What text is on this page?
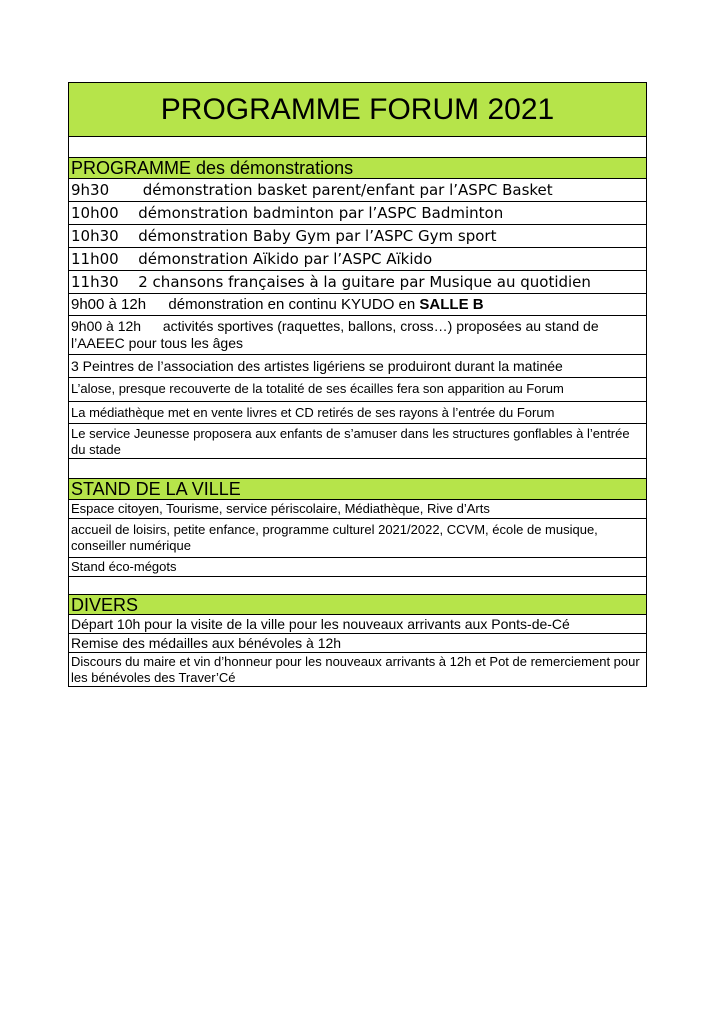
PROGRAMME FORUM 2021
PROGRAMME des démonstrations
9h30 démonstration basket parent/enfant par l’ASPC Basket
10h00 démonstration badminton par l’ASPC Badminton
10h30 démonstration Baby Gym par l’ASPC Gym sport
11h00 démonstration Aïkido par l’ASPC Aïkido
11h30 2 chansons françaises à la guitare par Musique au quotidien
9h00 à 12h démonstration en continu KYUDO en SALLE B
9h00 à 12h activités sportives (raquettes, ballons, cross…) proposées au stand de l’AAEEC pour tous les âges
3 Peintres de l’association des artistes ligériens se produiront durant la matinée
L’alose, presque recouverte de la totalité de ses écailles fera son apparition au Forum
La médiathèque met en vente livres et CD retirés de ses rayons à l’entrée du Forum
Le service Jeunesse proposera aux enfants de s’amuser dans les structures gonflables à l’entrée du stade
STAND DE LA VILLE
Espace citoyen, Tourisme, service périscolaire, Médiathèque, Rive d’Arts
accueil de loisirs, petite enfance, programme culturel 2021/2022, CCVM, école de musique, conseiller numérique
Stand éco-mégots
DIVERS
Départ 10h pour la visite de la ville pour les nouveaux arrivants aux Ponts-de-Cé
Remise des médailles aux bénévoles à 12h
Discours du maire et vin d’honneur pour les nouveaux arrivants à 12h et Pot de remerciement pour les bénévoles des Traver’Cé
